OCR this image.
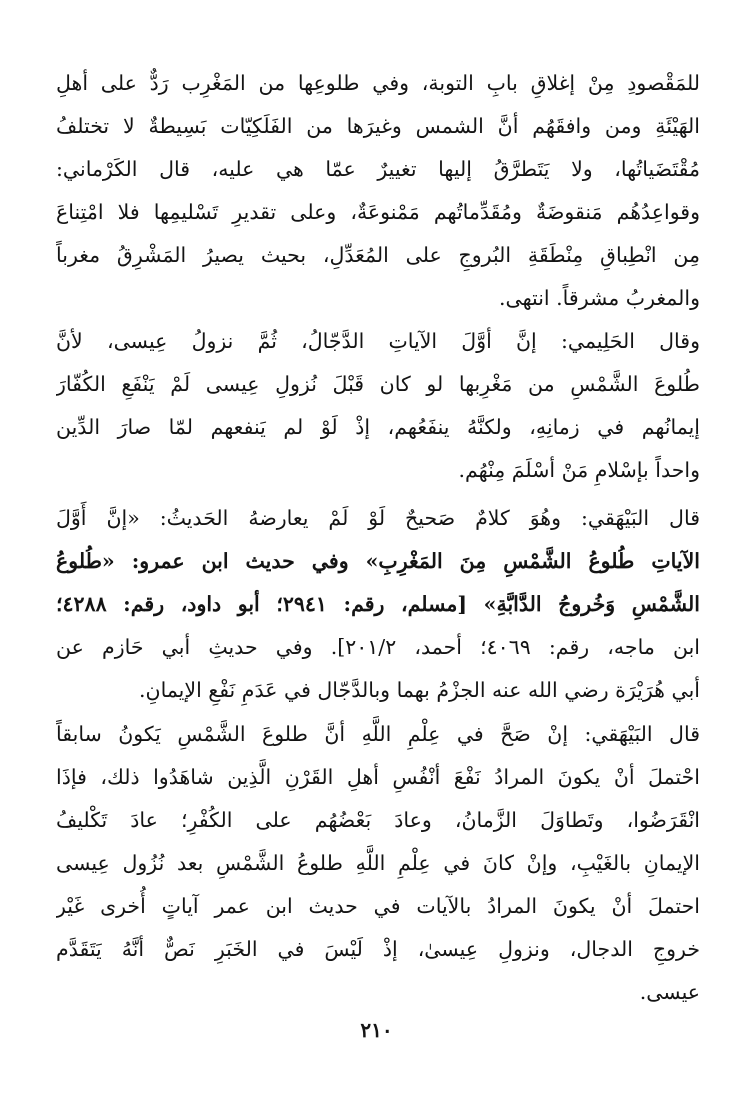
للمَقْصودِ مِنْ إغلاقِ بابِ التوبة، وفي طلوعِها من المَغْرِب رَدٌّ على أهلِ
الهَيْئَةِ ومن وافقَهُم أنَّ الشمس وغيرَها من الفَلَكِيّات بَسِيطةٌ لا تختلفُ
مُقْتَضَياتُها، ولا يَتَطرَّقُ إليها تغييرٌ عمّا هي عليه، قال الكَرْماني:
وقواعِدُهُم مَنقوضَةٌ ومُقَدِّماتُهم مَمْنوعَةٌ، وعلى تقديرِ تَسْليمِها فلا امْتِناعَ
مِن انْطِباقِ مِنْطَقَةِ البُروجِ على المُعَدِّلِ، بحيث يصيرُ المَشْرِقُ مغرباً
والمغربُ مشرقاً. انتهى.
وقال الحَلِيمي: إنَّ أوَّلَ الآياتِ الدَّجّالُ، ثُمَّ نزولُ عِيسى، لأنَّ
طُلوعَ الشَّمْسِ من مَغْرِبها لو كان قَبْلَ نُزولِ عِيسى لَمْ يَنْفَعِ الكُفّارَ
إيمانُهم في زمانِهِ، ولكنَّهُ ينفَعُهم، إذْ لَوْ لم يَنفعهم لمّا صارَ الدِّين
واحداً بإسْلامِ مَنْ أسْلَمَ مِنْهُم.
قال البَيْهَقي: وهُوَ كلامٌ صَحيحٌ لَوْ لَمْ يعارضهُ الحَديثُ: «إنَّ أَوَّلَ
الآياتِ طُلوعُ الشَّمْسِ مِنَ المَغْرِبِ» وفي حديث ابن عمرو: «طُلوعُ
الشَّمْسِ وَخُروجُ الدَّابَّةِ» [مسلم، رقم: ٢٩٤١؛ أبو داود، رقم: ٤٢٨٨؛
ابن ماجه، رقم: ٤٠٦٩؛ أحمد، ٢٠١/٢]. وفي حديثِ أبي حَازم عن
أبي هُرَيْرَة رضي الله عنه الجزْمُ بهما وبالدَّجّال في عَدَمِ نَفْعِ الإيمانِ.
قال البَيْهَقي: إنْ صَحَّ في عِلْمِ اللَّهِ أنَّ طلوعَ الشَّمْسِ يَكونُ سابقاً
احْتملَ أنْ يكونَ المرادُ نَفْعَ أنْفُسِ أهلِ القَرْنِ الَّذِين شاهَدُوا ذلك، فإذَا
انْقَرَضُوا، وتَطاوَلَ الزَّمانُ، وعادَ بَعْضُهُم على الكُفْرِ؛ عادَ تَكْليفُ
الإيمانِ بالغَيْبِ، وإنْ كانَ في عِلْمِ اللَّهِ طلوعُ الشَّمْسِ بعد نُزُول عِيسى
احتملَ أنْ يكونَ المرادُ بالآيات في حديث ابن عمر آياتٍ أُخرى غَيْر
خروجِ الدجال، ونزولِ عِيسىٰ، إذْ لَيْسَ في الخَبَرِ نَصٌّ أنَّهُ يَتَقَدَّم
عيسى.
٢١٠
